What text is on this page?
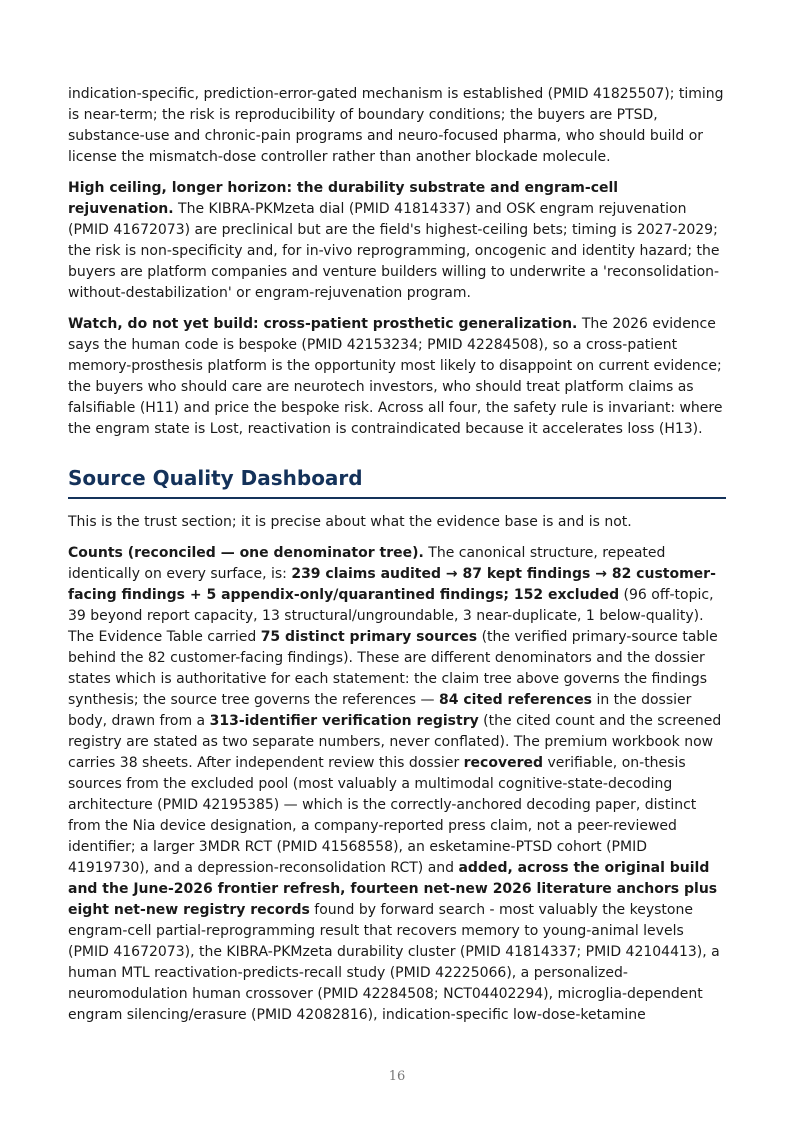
indication-specific, prediction-error-gated mechanism is established (PMID 41825507); timing is near-term; the risk is reproducibility of boundary conditions; the buyers are PTSD, substance-use and chronic-pain programs and neuro-focused pharma, who should build or license the mismatch-dose controller rather than another blockade molecule.

High ceiling, longer horizon: the durability substrate and engram-cell rejuvenation. The KIBRA-PKMzeta dial (PMID 41814337) and OSK engram rejuvenation (PMID 41672073) are preclinical but are the field's highest-ceiling bets; timing is 2027-2029; the risk is non-specificity and, for in-vivo reprogramming, oncogenic and identity hazard; the buyers are platform companies and venture builders willing to underwrite a 'reconsolidation-without-destabilization' or engram-rejuvenation program.

Watch, do not yet build: cross-patient prosthetic generalization. The 2026 evidence says the human code is bespoke (PMID 42153234; PMID 42284508), so a cross-patient memory-prosthesis platform is the opportunity most likely to disappoint on current evidence; the buyers who should care are neurotech investors, who should treat platform claims as falsifiable (H11) and price the bespoke risk. Across all four, the safety rule is invariant: where the engram state is Lost, reactivation is contraindicated because it accelerates loss (H13).

Source Quality Dashboard

This is the trust section; it is precise about what the evidence base is and is not.

Counts (reconciled — one denominator tree). The canonical structure, repeated identically on every surface, is: 239 claims audited → 87 kept findings → 82 customer-facing findings + 5 appendix-only/quarantined findings; 152 excluded (96 off-topic, 39 beyond report capacity, 13 structural/ungroundable, 3 near-duplicate, 1 below-quality). The Evidence Table carried 75 distinct primary sources (the verified primary-source table behind the 82 customer-facing findings). These are different denominators and the dossier states which is authoritative for each statement: the claim tree above governs the findings synthesis; the source tree governs the references — 84 cited references in the dossier body, drawn from a 313-identifier verification registry (the cited count and the screened registry are stated as two separate numbers, never conflated). The premium workbook now carries 38 sheets. After independent review this dossier recovered verifiable, on-thesis sources from the excluded pool (most valuably a multimodal cognitive-state-decoding architecture (PMID 42195385) — which is the correctly-anchored decoding paper, distinct from the Nia device designation, a company-reported press claim, not a peer-reviewed identifier; a larger 3MDR RCT (PMID 41568558), an esketamine-PTSD cohort (PMID 41919730), and a depression-reconsolidation RCT) and added, across the original build and the June-2026 frontier refresh, fourteen net-new 2026 literature anchors plus eight net-new registry records found by forward search - most valuably the keystone engram-cell partial-reprogramming result that recovers memory to young-animal levels (PMID 41672073), the KIBRA-PKMzeta durability cluster (PMID 41814337; PMID 42104413), a human MTL reactivation-predicts-recall study (PMID 42225066), a personalized-neuromodulation human crossover (PMID 42284508; NCT04402294), microglia-dependent engram silencing/erasure (PMID 42082816), indication-specific low-dose-ketamine

16
